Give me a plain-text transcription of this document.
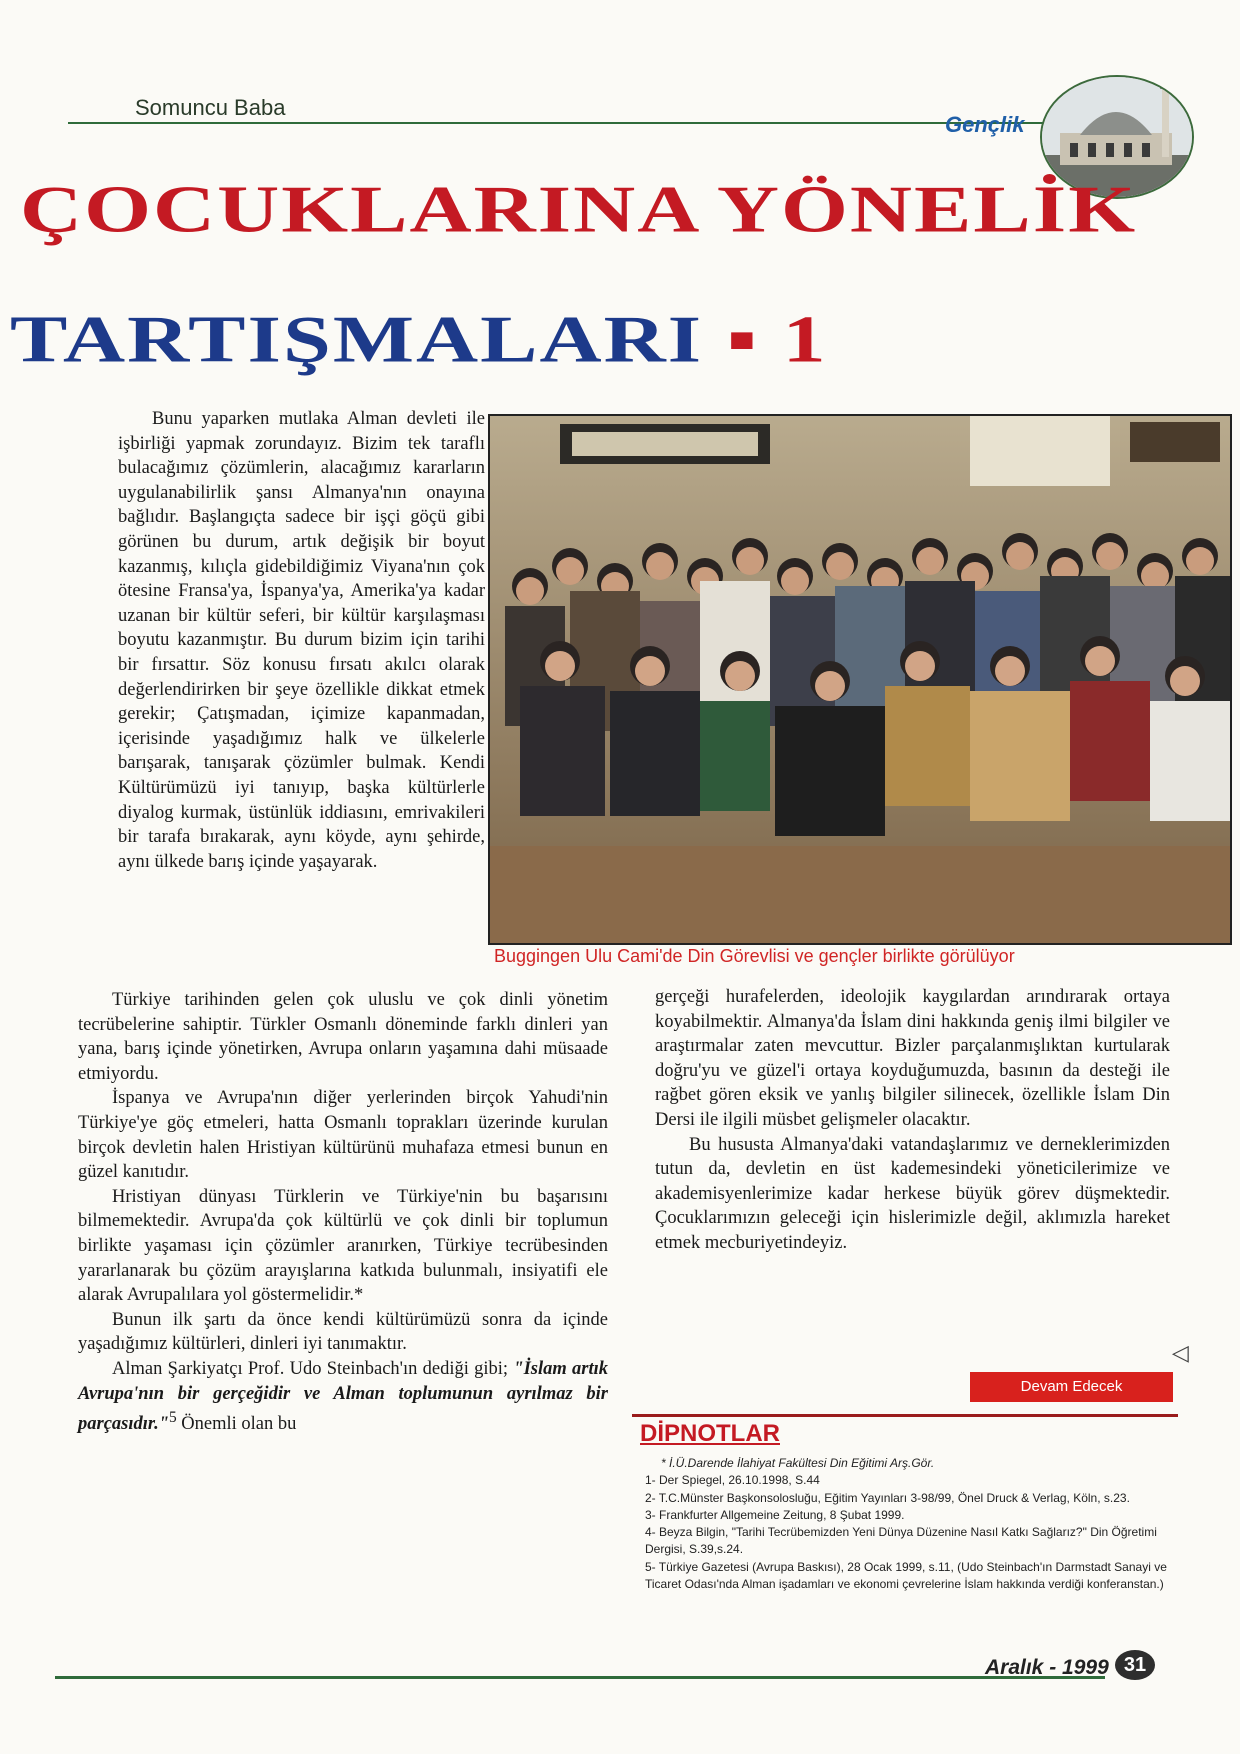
Somuncu Baba
Gençlik
ÇOCUKLARINA YÖNELİK
TARTIŞMALARI ▪ 1

Bunu yaparken mutlaka Alman devleti ile işbirliği yapmak zorundayız. Bizim tek taraflı bulacağımız çözümlerin, alacağımız kararların uygulanabilirlik şansı Almanya'nın onayına bağlıdır. Başlangıçta sadece bir işçi göçü gibi görünen bu durum, artık değişik bir boyut kazanmış, kılıçla gidebildiğimiz Viyana'nın çok ötesine Fransa'ya, İspanya'ya, Amerika'ya kadar uzanan bir kültür seferi, bir kültür karşılaşması boyutu kazanmıştır. Bu durum bizim için tarihi bir fırsattır. Söz konusu fırsatı akılcı olarak değerlendirirken bir şeye özellikle dikkat etmek gerekir; Çatışmadan, içimize kapanmadan, içerisinde yaşadığımız halk ve ülkelerle barışarak, tanışarak çözümler bulmak. Kendi Kültürümüzü iyi tanıyıp, başka kültürlerle diyalog kurmak, üstünlük iddiasını, emrivakileri bir tarafa bırakarak, aynı köyde, aynı şehirde, aynı ülkede barış içinde yaşayarak.

Buggingen Ulu Cami'de Din Görevlisi ve gençler birlikte görülüyor

Türkiye tarihinden gelen çok uluslu ve çok dinli yönetim tecrübelerine sahiptir. Türkler Osmanlı döneminde farklı dinleri yan yana, barış içinde yönetirken, Avrupa onların yaşamına dahi müsaade etmiyordu.

İspanya ve Avrupa'nın diğer yerlerinden birçok Yahudi'nin Türkiye'ye göç etmeleri, hatta Osmanlı toprakları üzerinde kurulan birçok devletin halen Hristiyan kültürünü muhafaza etmesi bunun en güzel kanıtıdır.

Hristiyan dünyası Türklerin ve Türkiye'nin bu başarısını bilmemektedir. Avrupa'da çok kültürlü ve çok dinli bir toplumun birlikte yaşaması için çözümler aranırken, Türkiye tecrübesinden yararlanarak bu çözüm arayışlarına katkıda bulunmalı, insiyatifi ele alarak Avrupalılara yol göstermelidir.*

Bunun ilk şartı da önce kendi kültürümüzü sonra da içinde yaşadığımız kültürleri, dinleri iyi tanımaktır.

Alman Şarkiyatçı Prof. Udo Steinbach'ın dediği gibi; "İslam artık Avrupa'nın bir gerçeğidir ve Alman toplumunun ayrılmaz bir parçasıdır."$^5$ Önemli olan bu

gerçeği hurafelerden, ideolojik kaygılardan arındırarak ortaya koyabilmektir. Almanya'da İslam dini hakkında geniş ilmi bilgiler ve araştırmalar zaten mevcuttur. Bizler parçalanmışlıktan kurtularak doğru'yu ve güzel'i ortaya koyduğumuzda, basının da desteği ile rağbet gören eksik ve yanlış bilgiler silinecek, özellikle İslam Din Dersi ile ilgili müsbet gelişmeler olacaktır.

Bu hususta Almanya'daki vatandaşlarımız ve derneklerimizden tutun da, devletin en üst kademesindeki yöneticilerimize ve akademisyenlerimize kadar herkese büyük görev düşmektedir. Çocuklarımızın geleceği için hislerimizle değil, aklımızla hareket etmek mecburiyetindeyiz.

◁
Devam Edecek
DİPNOTLAR

* İ.Ü.Darende İlahiyat Fakültesi Din Eğitimi Arş.Gör.

1- Der Spiegel, 26.10.1998, S.44

2- T.C.Münster Başkonsolosluğu, Eğitim Yayınları 3-98/99, Önel Druck & Verlag, Köln, s.23.

3- Frankfurter Allgemeine Zeitung, 8 Şubat 1999.

4- Beyza Bilgin, "Tarihi Tecrübemizden Yeni Dünya Düzenine Nasıl Katkı Sağlarız?" Din Öğretimi Dergisi, S.39,s.24.

5- Türkiye Gazetesi (Avrupa Baskısı), 28 Ocak 1999, s.11, (Udo Steinbach'ın Darmstadt Sanayi ve Ticaret Odası'nda Alman işadamları ve ekonomi çevrelerine İslam hakkında verdiği konferanstan.)

Aralık - 1999 31
